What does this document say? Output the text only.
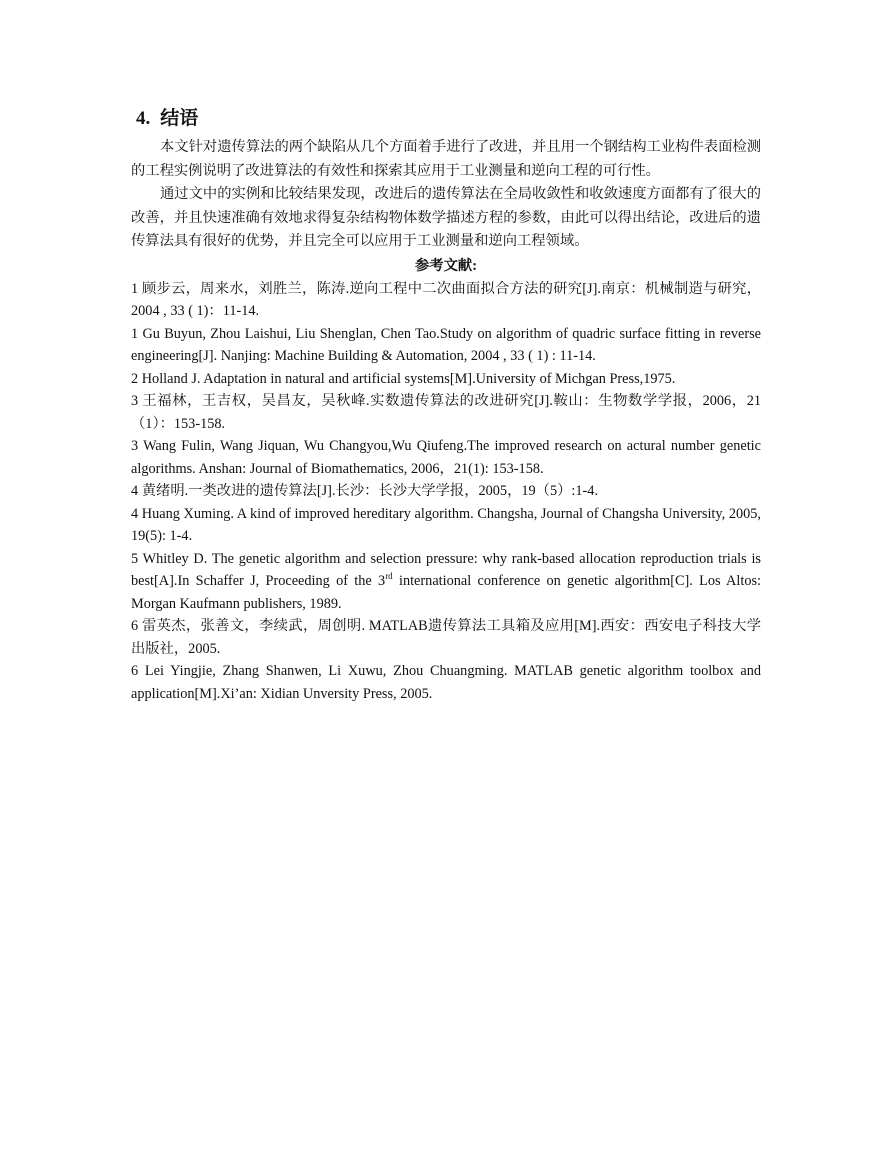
4. 结语

本文针对遗传算法的两个缺陷从几个方面着手进行了改进，并且用一个钢结构工业构件表面检测的工程实例说明了改进算法的有效性和探索其应用于工业测量和逆向工程的可行性。

通过文中的实例和比较结果发现，改进后的遗传算法在全局收敛性和收敛速度方面都有了很大的改善，并且快速准确有效地求得复杂结构物体数学描述方程的参数，由此可以得出结论，改进后的遗传算法具有很好的优势，并且完全可以应用于工业测量和逆向工程领域。

参考文献:

1 顾步云，周来水，刘胜兰，陈涛.逆向工程中二次曲面拟合方法的研究[J].南京：机械制造与研究，2004 , 33 ( 1)：11-14.

1 Gu Buyun, Zhou Laishui, Liu Shenglan, Chen Tao.Study on algorithm of quadric surface fitting in reverse engineering[J]. Nanjing: Machine Building & Automation, 2004 , 33 ( 1) : 11-14.

2 Holland J. Adaptation in natural and artificial systems[M].University of Michgan Press,1975.

3 王福林，王吉权，吴昌友，吴秋峰.实数遗传算法的改进研究[J].鞍山：生物数学学报，2006，21（1）：153-158.

3 Wang Fulin, Wang Jiquan, Wu Changyou,Wu Qiufeng.The improved research on actural number genetic algorithms. Anshan: Journal of Biomathematics, 2006，21(1): 153-158.

4 黄绪明.一类改进的遗传算法[J].长沙：长沙大学学报，2005，19（5）:1-4.

4 Huang Xuming. A kind of improved hereditary algorithm. Changsha, Journal of Changsha University, 2005, 19(5): 1-4.

5 Whitley D. The genetic algorithm and selection pressure: why rank-based allocation reproduction trials is best[A].In Schaffer J, Proceeding of the 3rd international conference on genetic algorithm[C]. Los Altos: Morgan Kaufmann publishers, 1989.

6 雷英杰，张善文，李续武，周创明. MATLAB遗传算法工具箱及应用[M].西安：西安电子科技大学出版社，2005.

6 Lei Yingjie, Zhang Shanwen, Li Xuwu, Zhou Chuangming. MATLAB genetic algorithm toolbox and application[M].Xi’an: Xidian Unversity Press, 2005.
